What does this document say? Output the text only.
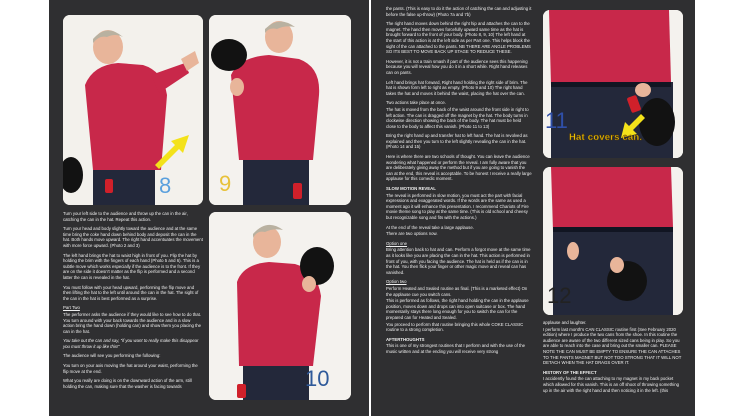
8 9
10

Turn your left side to the audience and throw up the can in the air, catching the can in the hat. Repeat this action.

Turn your head and body slightly toward the audience and at the same time bring the coke hand down behind body and deposit the can in the hat. Both hands move upward. The right hand accentuates the movement with more force upward. (Photo 2 and 3)

The left hand brings the hat to waist high in front of you. Flip the hat by holding the brim with the fingers of each hand (Photo 5 and 6). This is a subtle move which works especially if the audience is to the front. If they are on the side it doesn't matter as the flip is performed and a second latter the can is revealed in the hat.

You must follow with your head upward, performing the flip move and then lifting the hat to the left until around the can in the hat. The sight of the can in the hat is best performed as a surprise.

Part Two

The performer asks the audience if they would like to see how to do that. You turn around with your back towards the audience and in a slow action bring the hand down (holding can) and show them you placing the can in the hat.

You take out the can and say, "if you want to really make this disappear you must throw it up like this!"

The audience will see you performing the following:

You turn on your axis moving the hat around your waist, performing the flip move at the end.

What you really are doing is on the downward action of the arm, still holding the can, making sure that the washer is facing towards

the pants. (This is easy to do it the action of catching the can and adjusting it before the false up-throw) (Photo 7a and 7b)

The right hand moves down behind the right hip and attaches the can to the magnet. The hand then moves forcefully upward same time as the hat is brought forward to the front of your body. (Photo 8, 9, 10) The left hand at the start of this action is at the left side as per Part one. This helps block the sight of the can attached to the pants. NB THERE ARE ANGLE PROBLEMS SO ITS BEST TO MOVE BACK UP STAGE TO REDUCE THESE.

However, it is not a train smash if part of the audience sees this happening because you will reveal how you do it in a short while. Right hand releases can on pants.

Left hand brings hat forward, Right hand holding the right side of brim. The hat is shown form left to right as empty. (Photo 9 and 10) The right hand takes the hat and moves it behind the waist, placing the hat over the can.

Two actions take place at once.

The hat is moved from the back of the waist around the front side in right to left action. The can is dragged off the magnet by the hat. The body turns in clockwise direction showing the back of the body. The hat must be held close to the body to affect this vanish. (Photo 11 to 13)

Bring the right hand up and transfer hat to left hand. The hat is revolved as explained and then you turn to the left slightly revealing the can in the hat. (Photo 14 and 15)

Here is where there are two schools of thought. You can leave the audience wondering what happened or perform the reveal. I am fully aware that you are deliberately giving away the method but if you are going to vanish the can at the end, this reveal is acceptable. To be honest I receive a really large applause for this comedic moment.

SLOW MOTION REVEAL

The reveal is performed in slow motion, you must act the part with facial expressions and exaggerated words. If the words are the same as used a moment ago it will enhance this presentation. I recommend Chariots of Fire movie theme song to play at the same time. (This is old school and cheesy but recognizable song and fits with the actions.)

At the end of the reveal take a large applause.

There are two options now.

Option one

Bring attention back to hat and can. Perform a forgot move at the same time as it looks like you are placing the can in the hat. This action is performed in front of you, with you facing the audience. The hat is held as if the can is in the hat. You then flick your finger or other magic move and reveal can has vanished.

Option two

Perform Heated and Sealed routine as final. (This is a marketed effect) On the applause cue you switch cans.

This is performed as follows, the right hand holding the can in the applause position, moves down and drops can into open suitcase or box. The hand momentarily stays there long enough for you to switch the can for the prepared can for Heated and Sealed.

You proceed to perform that routine bringing this whole COKE CLASSIC routine to a strong completion.

AFTERTHOUGHTS

This is one of my strongest routines that I perform and with the use of the music written and at the ending you will receive very strong

11
Hat covers can.
12

applause and laughter.

I perform last month's CAN CLASSIC routine first (See February 2020 edition) where I produce the two cans from the shoe. In this routine the audience are aware of the two different sized cans being in play. So you are able to reach into the case and bring out the smaller can. PLEASE NOTE THE CAN MUST BE EMPTY TO ENSURE THE CAN ATTACHES TO THE PANTS MAGNET BUT NOT TOO STRONG THAT IT WILL NOT DETACH WHEN THE HAT DRAGS OVER IT.

HISTORY OF THE EFFECT

I accidently found the can attaching to my magnet in my back pocket which allowed for this vanish. This is an off shoot of throwing something up in the air with the right hand and then noticing it in the left. (this
